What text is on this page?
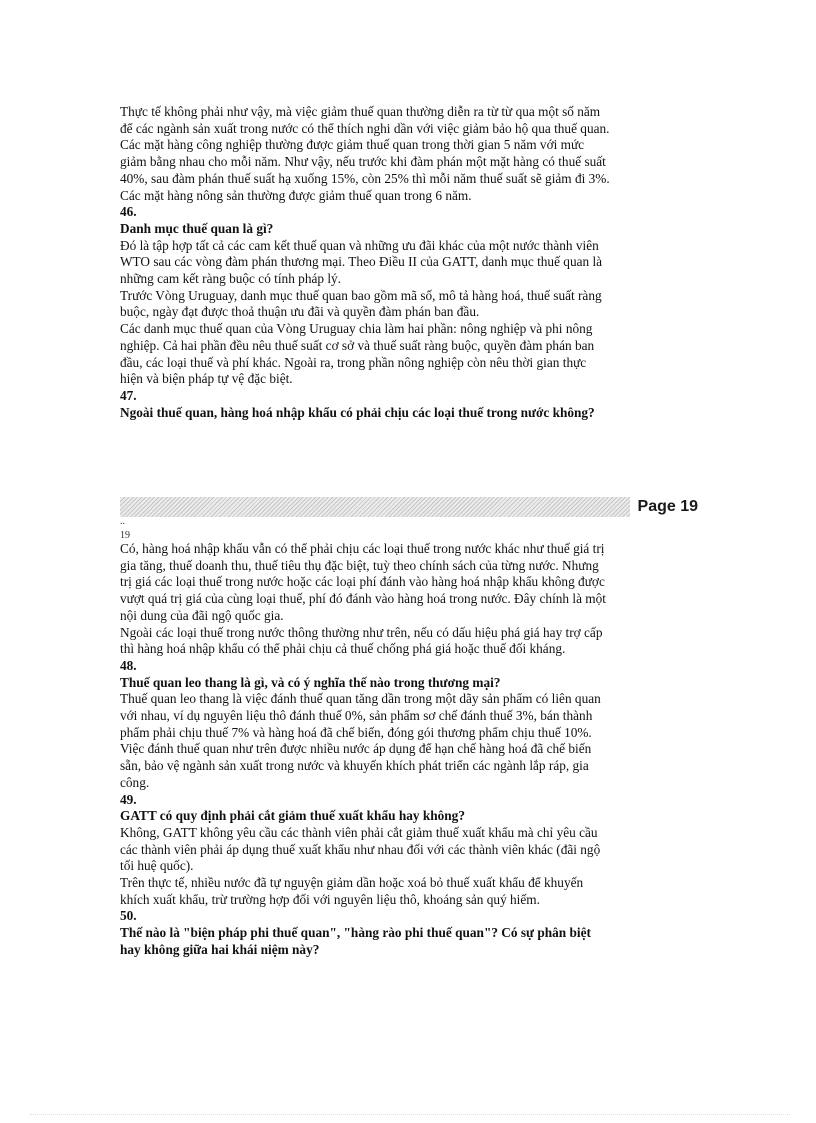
Thực tế không phải như vậy, mà việc giảm thuế quan thường diễn ra từ từ qua một số năm để các ngành sản xuất trong nước có thể thích nghi dần với việc giảm bảo hộ qua thuế quan.

Các mặt hàng công nghiệp thường được giảm thuế quan trong thời gian 5 năm với mức giảm bằng nhau cho mỗi năm. Như vậy, nếu trước khi đàm phán một mặt hàng có thuế suất 40%, sau đàm phán thuế suất hạ xuống 15%, còn 25% thì mỗi năm thuế suất sẽ giảm đi 3%.

Các mặt hàng nông sản thường được giảm thuế quan trong 6 năm.

46.

Danh mục thuế quan là gì?

Đó là tập hợp tất cả các cam kết thuế quan và những ưu đãi khác của một nước thành viên WTO sau các vòng đàm phán thương mại. Theo Điều II của GATT, danh mục thuế quan là những cam kết ràng buộc có tính pháp lý.

Trước Vòng Uruguay, danh mục thuế quan bao gồm mã số, mô tả hàng hoá, thuế suất ràng buộc, ngày đạt được thoả thuận ưu đãi và quyền đàm phán ban đầu.

Các danh mục thuế quan của Vòng Uruguay chia làm hai phần: nông nghiệp và phi nông nghiệp. Cả hai phần đều nêu thuế suất cơ sở và thuế suất ràng buộc, quyền đàm phán ban đầu, các loại thuế và phí khác. Ngoài ra, trong phần nông nghiệp còn nêu thời gian thực hiện và biện pháp tự vệ đặc biệt.

47.

Ngoài thuế quan, hàng hoá nhập khẩu có phải chịu các loại thuế trong nước không?

Page 19
..
19

Có, hàng hoá nhập khẩu vẫn có thể phải chịu các loại thuế trong nước khác như thuế giá trị gia tăng, thuế doanh thu, thuế tiêu thụ đặc biệt, tuỳ theo chính sách của từng nước. Nhưng trị giá các loại thuế trong nước hoặc các loại phí đánh vào hàng hoá nhập khẩu không được vượt quá trị giá của cùng loại thuế, phí đó đánh vào hàng hoá trong nước. Đây chính là một nội dung của đãi ngộ quốc gia.

Ngoài các loại thuế trong nước thông thường như trên, nếu có dấu hiệu phá giá hay trợ cấp thì hàng hoá nhập khẩu có thể phải chịu cả thuế chống phá giá hoặc thuế đối kháng.

48.

Thuế quan leo thang là gì, và có ý nghĩa thế nào trong thương mại?

Thuế quan leo thang là việc đánh thuế quan tăng dần trong một dãy sản phẩm có liên quan với nhau, ví dụ nguyên liệu thô đánh thuế 0%, sản phẩm sơ chế đánh thuế 3%, bán thành phẩm phải chịu thuế 7% và hàng hoá đã chế biến, đóng gói thương phẩm chịu thuế 10%.

Việc đánh thuế quan như trên được nhiều nước áp dụng để hạn chế hàng hoá đã chế biến sẵn, bảo vệ ngành sản xuất trong nước và khuyến khích phát triển các ngành lắp ráp, gia công.

49.

GATT có quy định phải cắt giảm thuế xuất khẩu hay không?

Không, GATT không yêu cầu các thành viên phải cắt giảm thuế xuất khẩu mà chỉ yêu cầu các thành viên phải áp dụng thuế xuất khẩu như nhau đối với các thành viên khác (đãi ngộ tối huệ quốc).

Trên thực tế, nhiều nước đã tự nguyện giảm dần hoặc xoá bỏ thuế xuất khẩu để khuyến khích xuất khẩu, trừ trường hợp đối với nguyên liệu thô, khoáng sản quý hiếm.

50.

Thế nào là "biện pháp phi thuế quan", "hàng rào phi thuế quan"? Có sự phân biệt hay không giữa hai khái niệm này?
